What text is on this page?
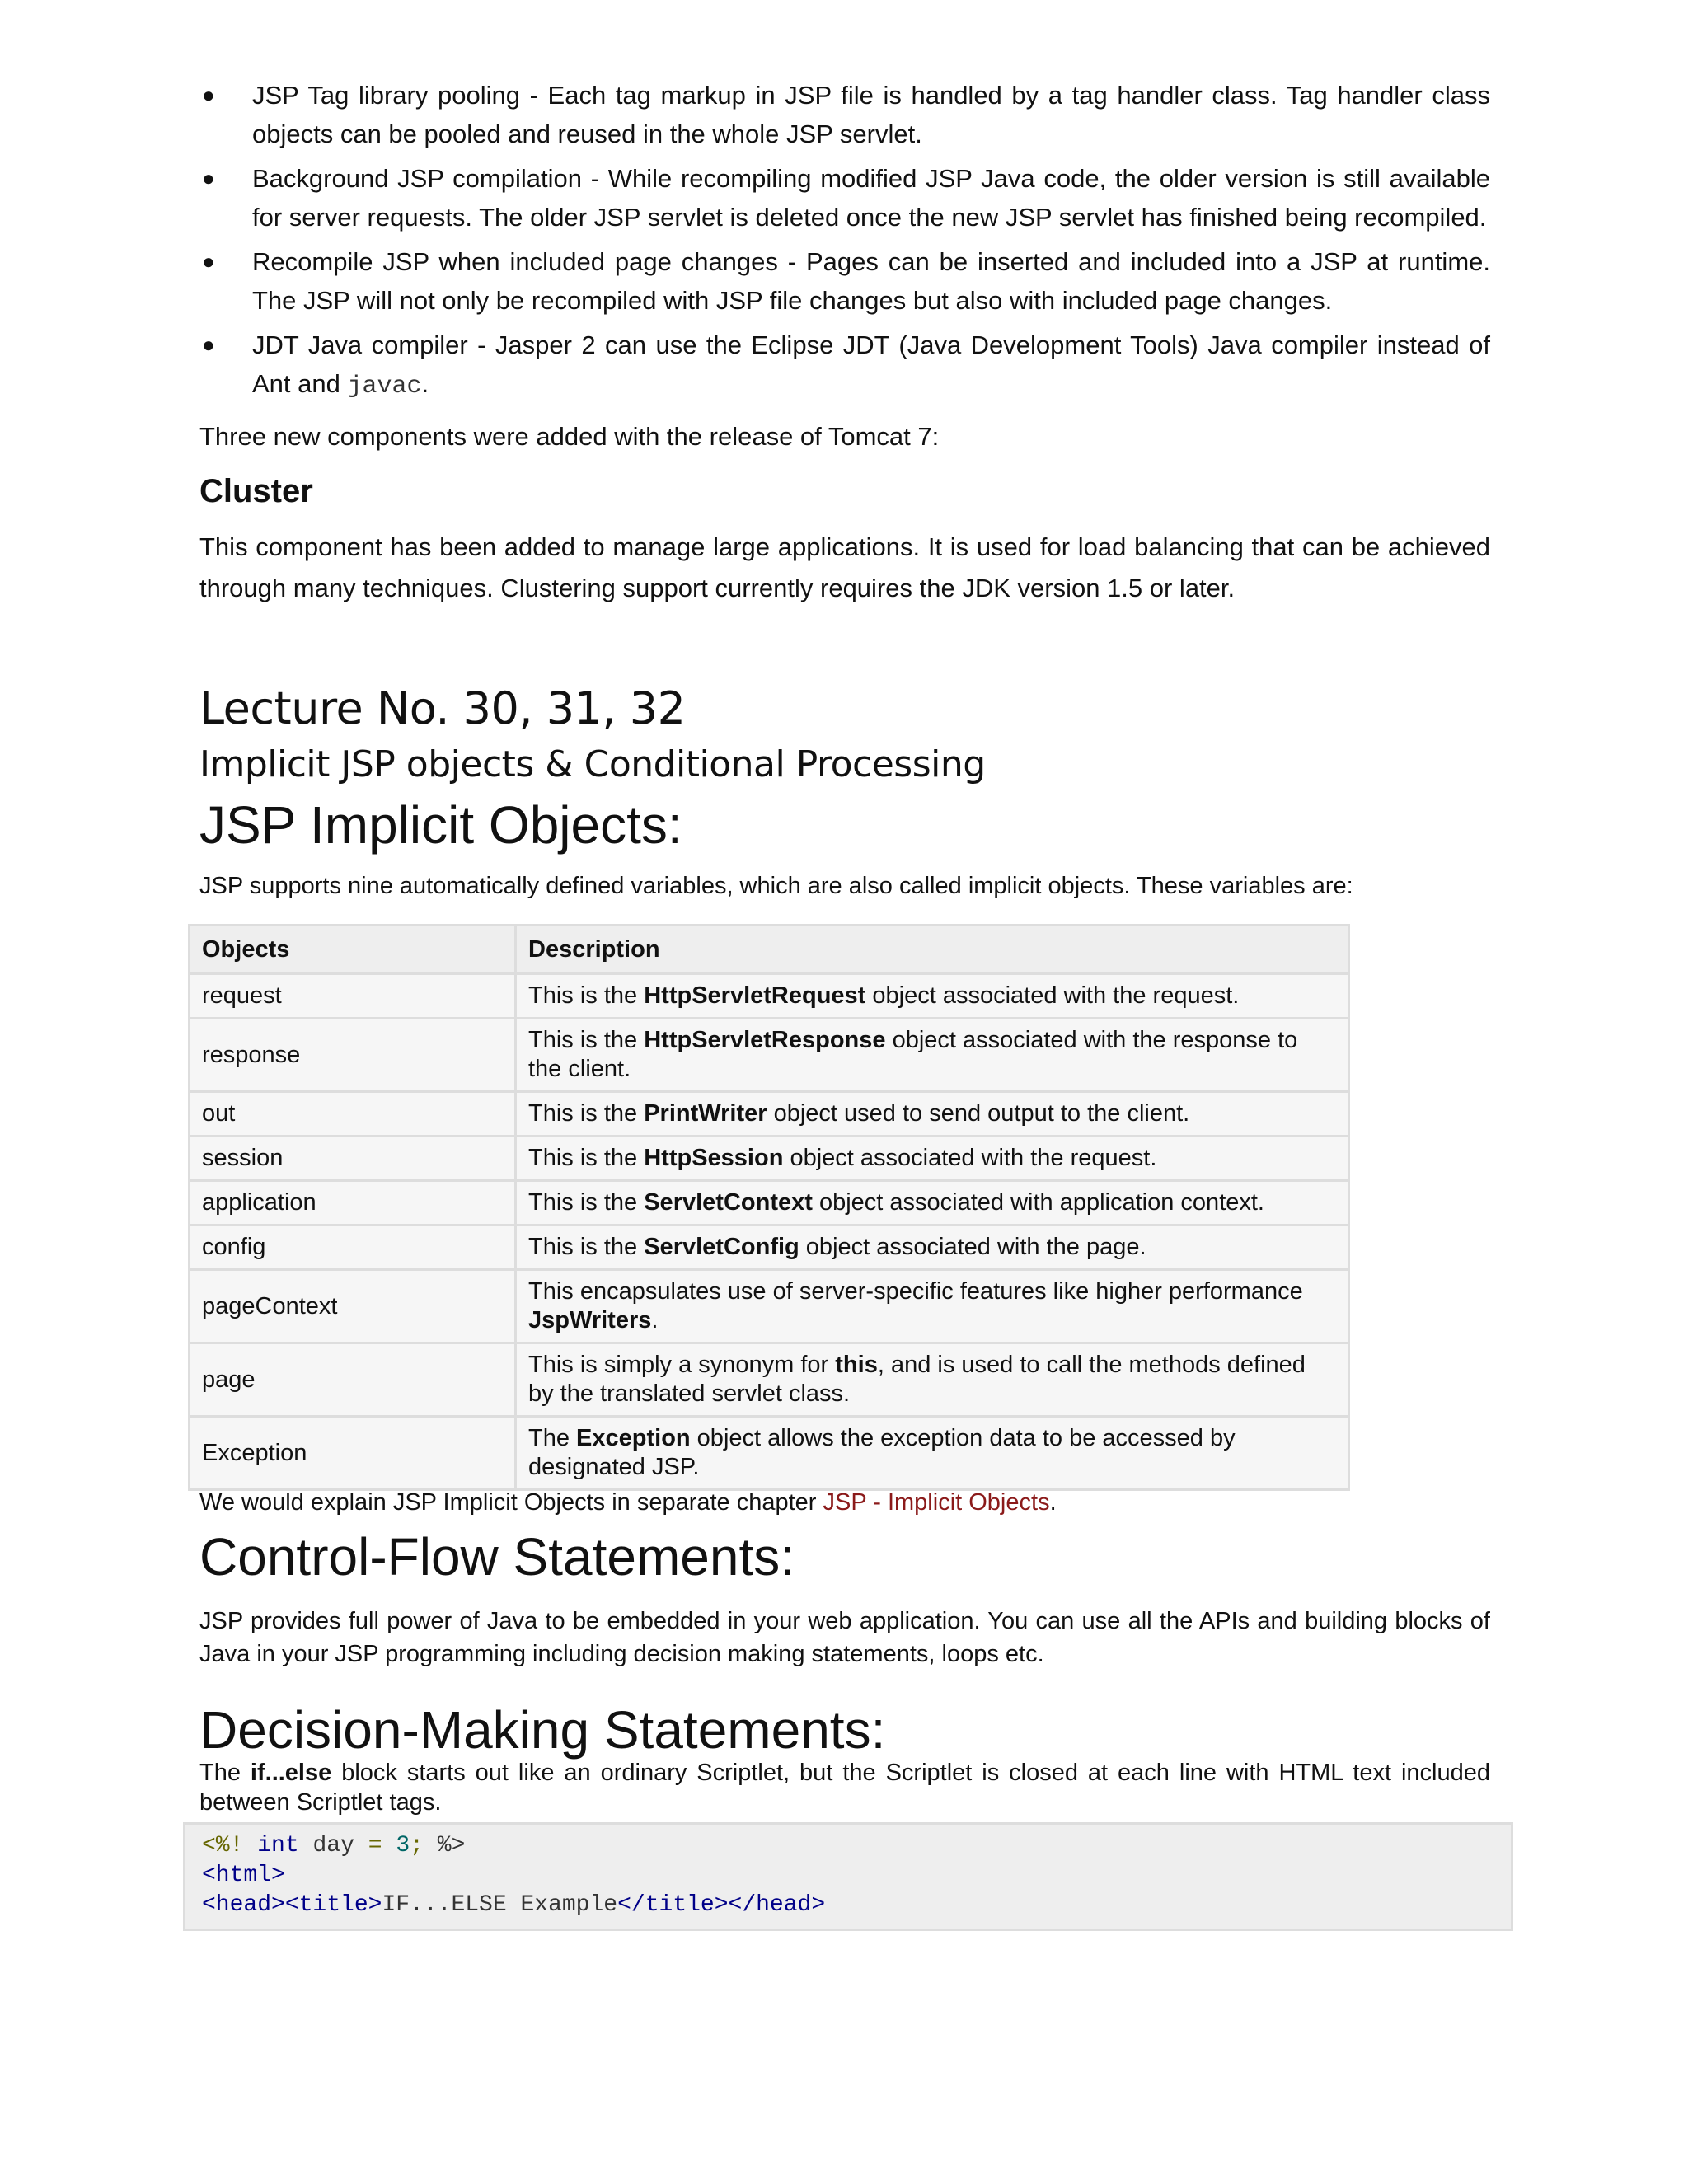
● JSP Tag library pooling - Each tag markup in JSP file is handled by a tag handler class. Tag handler class objects can be pooled and reused in the whole JSP servlet.
● Background JSP compilation - While recompiling modified JSP Java code, the older version is still available for server requests. The older JSP servlet is deleted once the new JSP servlet has finished being recompiled.
● Recompile JSP when included page changes - Pages can be inserted and included into a JSP at runtime. The JSP will not only be recompiled with JSP file changes but also with included page changes.
● JDT Java compiler - Jasper 2 can use the Eclipse JDT (Java Development Tools) Java compiler instead of Ant and javac.

Three new components were added with the release of Tomcat 7:

Cluster

This component has been added to manage large applications. It is used for load balancing that can be achieved through many techniques. Clustering support currently requires the JDK version 1.5 or later.

Lecture No. 30, 31, 32
Implicit JSP objects & Conditional Processing
JSP Implicit Objects:

JSP supports nine automatically defined variables, which are also called implicit objects. These variables are:

Objects	Description
request	This is the HttpServletRequest object associated with the request.
response	This is the HttpServletResponse object associated with the response to the client.
out	This is the PrintWriter object used to send output to the client.
session	This is the HttpSession object associated with the request.
application	This is the ServletContext object associated with application context.
config	This is the ServletConfig object associated with the page.
pageContext	This encapsulates use of server-specific features like higher performance JspWriters.
page	This is simply a synonym for this, and is used to call the methods defined by the translated servlet class.
Exception	The Exception object allows the exception data to be accessed by designated JSP.

We would explain JSP Implicit Objects in separate chapter JSP - Implicit Objects.

Control-Flow Statements:

JSP provides full power of Java to be embedded in your web application. You can use all the APIs and building blocks of Java in your JSP programming including decision making statements, loops etc.

Decision-Making Statements:

The if...else block starts out like an ordinary Scriptlet, but the Scriptlet is closed at each line with HTML text included between Scriptlet tags.

<%! int day = 3; %>
<html>
<head><title>IF...ELSE Example</title></head>
